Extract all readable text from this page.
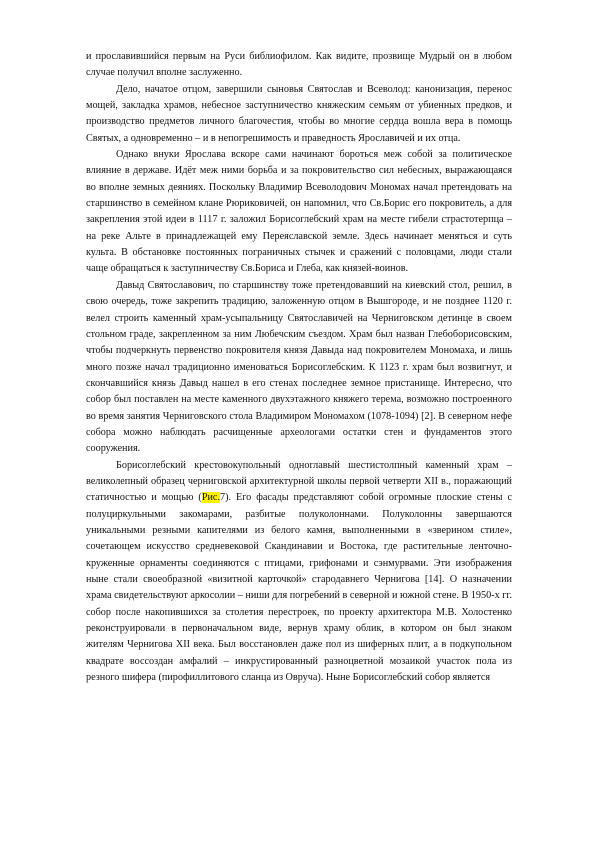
и прославившийся первым на Руси библиофилом. Как видите, прозвище Мудрый он в любом случае получил вполне заслуженно.

Дело, начатое отцом, завершили сыновья Святослав и Всеволод: канонизация, перенос мощей, закладка храмов, небесное заступничество княжеским семьям от убиенных предков, и производство предметов личного благочестия, чтобы во многие сердца вошла вера в помощь Святых, а одновременно – и в непогрешимость и праведность Ярославичей и их отца.

Однако внуки Ярослава вскоре сами начинают бороться меж собой за политическое влияние в державе. Идёт меж ними борьба и за покровительство сил небесных, выражающаяся во вполне земных деяниях. Поскольку Владимир Всеволодович Мономах начал претендовать на старшинство в семейном клане Рюриковичей, он напомнил, что Св.Борис его покровитель, а для закрепления этой идеи в 1117 г. заложил Борисоглебский храм на месте гибели страстотерпца – на реке Альте в принадлежащей ему Переяславской земле. Здесь начинает меняться и суть культа. В обстановке постоянных пограничных стычек и сражений с половцами, люди стали чаще обращаться к заступничеству Св.Бориса и Глеба, как князей-воинов.

Давыд Святославович, по старшинству тоже претендовавший на киевский стол, решил, в свою очередь, тоже закрепить традицию, заложенную отцом в Вышгороде, и не позднее 1120 г. велел строить каменный храм-усыпальницу Святославичей на Черниговском детинце в своем стольном граде, закрепленном за ним Любечским съездом. Храм был назван Глебоборисовским, чтобы подчеркнуть первенство покровителя князя Давыда над покровителем Мономаха, и лишь много позже начал традиционно именоваться Борисоглебским. К 1123 г. храм был возвигнут, и скончавшийся князь Давыд нашел в его стенах последнее земное пристанище. Интересно, что собор был поставлен на месте каменного двухэтажного княжего терема, возможно построенного во время занятия Черниговского стола Владимиром Мономахом (1078-1094) [2]. В северном нефе собора можно наблюдать расчищенные археологами остатки стен и фундаментов этого сооружения.

Борисоглебский крестовокупольный одноглавый шестистолпный каменный храм – великолепный образец черниговской архитектурной школы первой четверти XII в., поражающий статичностью и мощью (Рис.7). Его фасады представляют собой огромные плоские стены с полуциркульными закомарами, разбитые полуколоннами. Полуколонны завершаются уникальными резными капителями из белого камня, выполненными в «зверином стиле», сочетающем искусство средневековой Скандинавии и Востока, где растительные ленточно-круженные орнаменты соединяются с птицами, грифонами и сэнмурвами. Эти изображения ныне стали своеобразной «визитной карточкой» стародавнего Чернигова [14]. О назначении храма свидетельствуют аркосолии – ниши для погребений в северной и южной стене. В 1950-х гг. собор после накопившихся за столетия перестроек, по проекту архитектора М.В. Холостенко реконструировали в первоначальном виде, вернув храму облик, в котором он был знаком жителям Чернигова XII века. Был восстановлен даже пол из шиферных плит, а в подкупольном квадрате воссоздан амфалий – инкрустированный разноцветной мозаикой участок пола из резного шифера (пирофиллитового сланца из Овруча). Ныне Борисоглебский собор является
